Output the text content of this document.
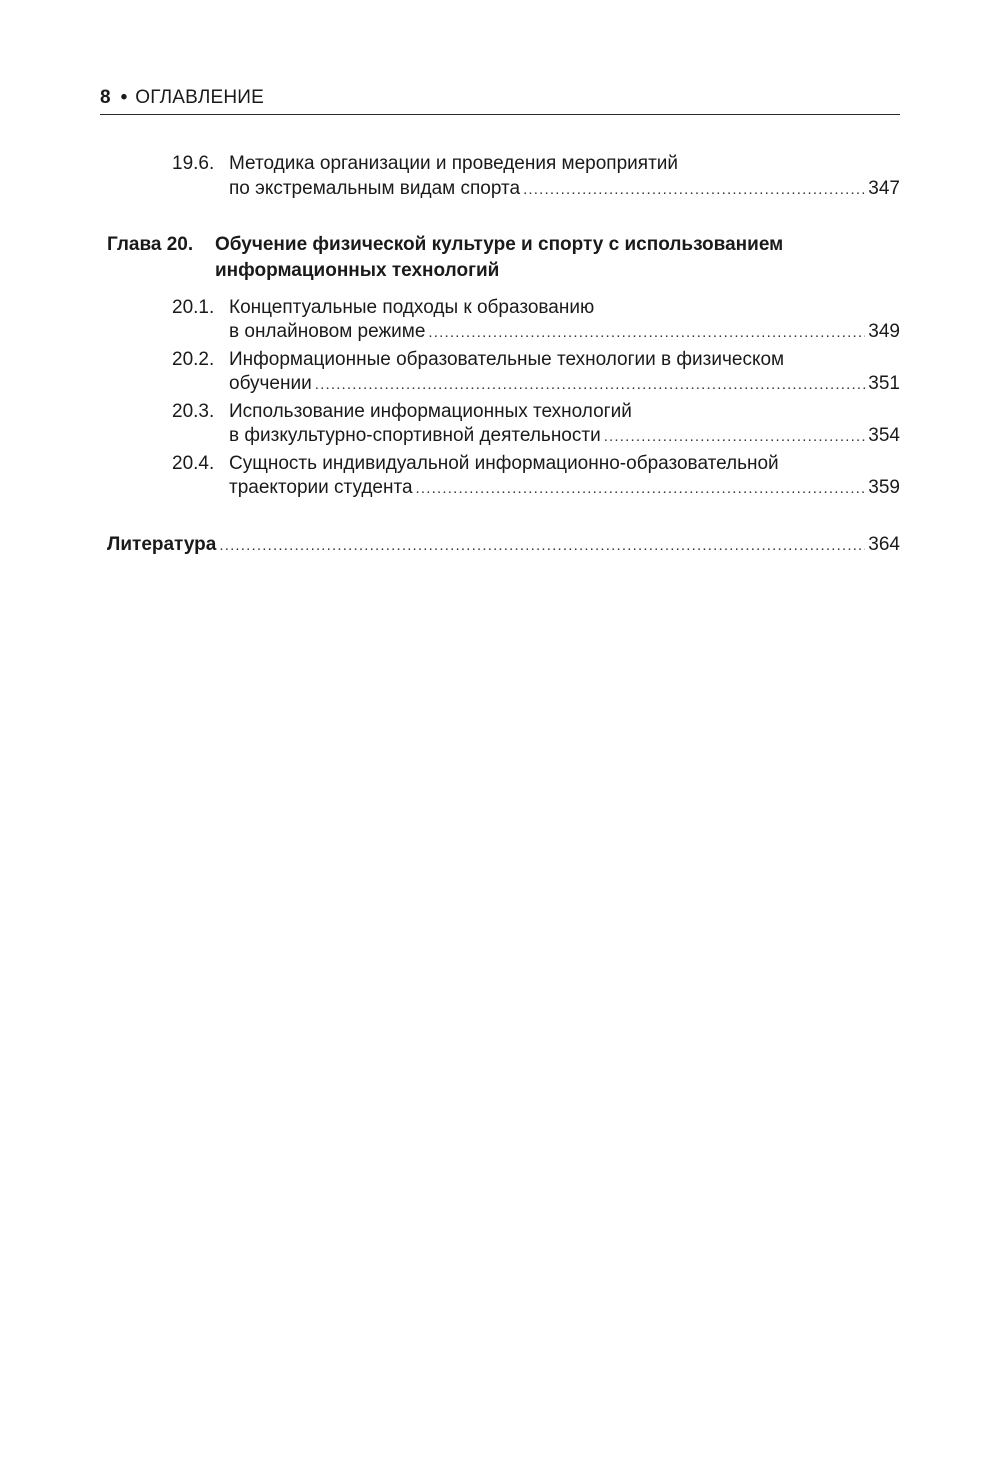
8 • ОГЛАВЛЕНИЕ
19.6. Методика организации и проведения мероприятий
по экстремальным видам спорта .....	347
Глава 20. Обучение физической культуре и спорту с использованием
информационных технологий
20.1. Концептуальные подходы к образованию
в онлайновом режиме .....	349
20.2. Информационные образовательные технологии в физическом
обучении .....	351
20.3. Использование информационных технологий
в физкультурно-спортивной деятельности .....	354
20.4. Сущность индивидуальной информационно-образовательной
траектории студента .....	359
Литература .....	364
